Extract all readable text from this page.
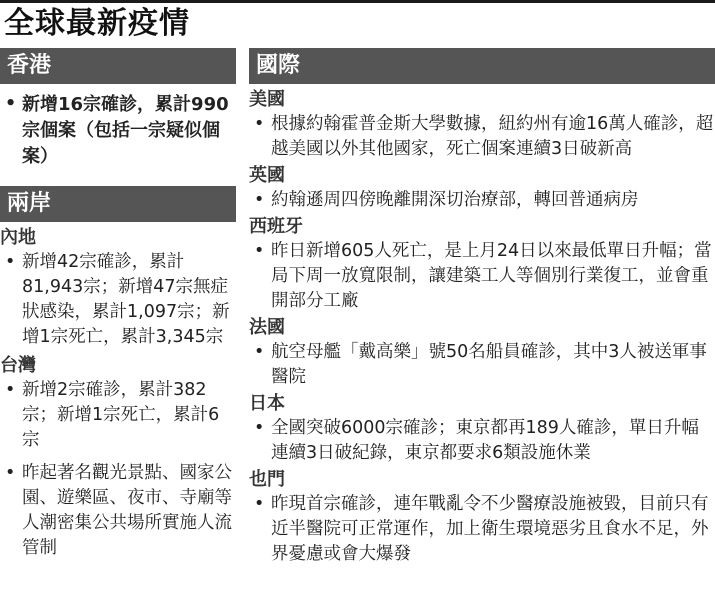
全球最新疫情
香港
• 新增16宗確診，累計990宗個案（包括一宗疑似個案）
兩岸
內地
• 新增42宗確診，累計81,943宗；新增47宗無症狀感染，累計1,097宗；新增1宗死亡，累計3,345宗
台灣
• 新增2宗確診，累計382宗；新增1宗死亡，累計6宗
• 昨起著名觀光景點、國家公園、遊樂區、夜市、寺廟等人潮密集公共場所實施人流管制
國際
美國
• 根據約翰霍普金斯大學數據，紐約州有逾16萬人確診，超越美國以外其他國家，死亡個案連續3日破新高
英國
• 約翰遜周四傍晚離開深切治療部，轉回普通病房
西班牙
• 昨日新增605人死亡，是上月24日以來最低單日升幅；當局下周一放寬限制，讓建築工人等個別行業復工，並會重開部分工廠
法國
• 航空母艦「戴高樂」號50名船員確診，其中3人被送軍事醫院
日本
• 全國突破6000宗確診；東京都再189人確診，單日升幅連續3日破紀錄，東京都要求6類設施休業
也門
• 昨現首宗確診，連年戰亂令不少醫療設施被毀，目前只有近半醫院可正常運作，加上衛生環境惡劣且食水不足，外界憂慮或會大爆發
